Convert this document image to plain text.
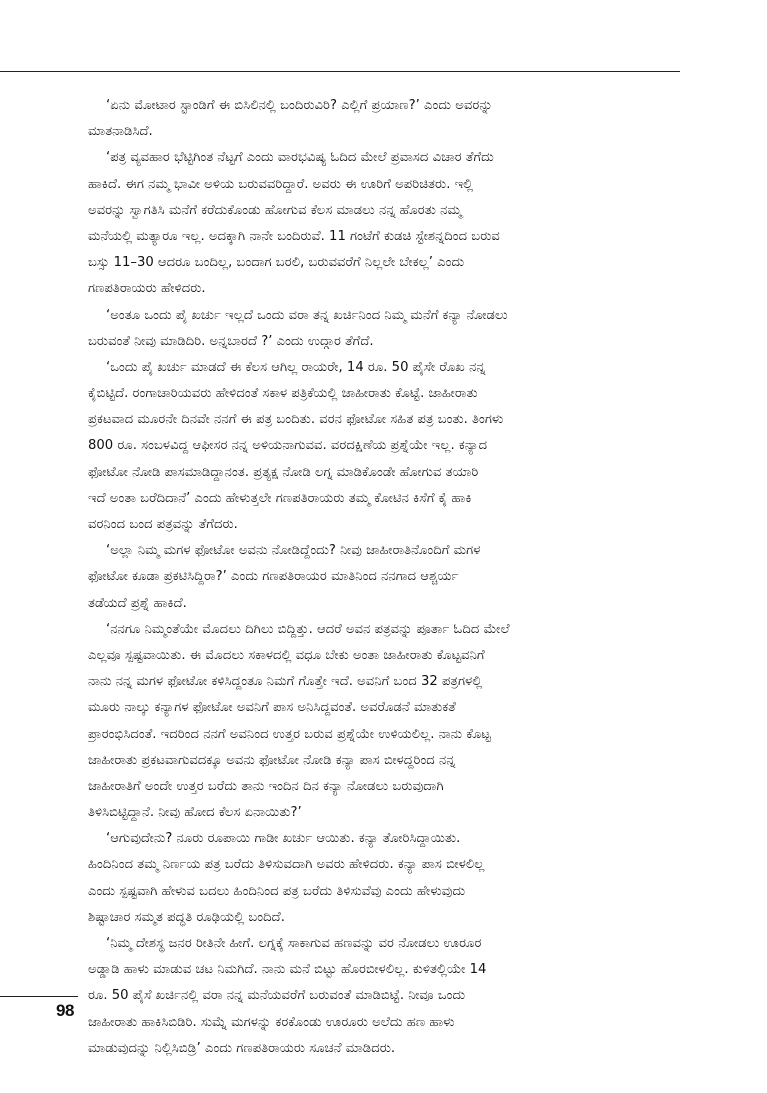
‘ಏನು ಮೋಟಾರ ಸ್ಟಾಂಡಿಗೆ ಈ ಬಿಸಿಲಿನಲ್ಲಿ ಬಂದಿರುವಿರಿ? ಎಲ್ಲಿಗೆ ಪ್ರಯಾಣ?’ ಎಂದು ಅವರನ್ನು
ಮಾತನಾಡಿಸಿದೆ.
‘ಪತ್ರ ವ್ಯವಹಾರ ಭೆಟ್ಟಿಗಿಂತ ನೆಟ್ಟಗೆ ಎಂದು ವಾರಭವಿಷ್ಯ ಓದಿದ ಮೇಲೆ ಪ್ರವಾಸದ ವಿಚಾರ ತೆಗೆದು
ಹಾಕಿದೆ. ಈಗ ನಮ್ಮ ಭಾವೀ ಅಳಿಯ ಬರುವವರಿದ್ದಾರೆ. ಅವರು ಈ ಊರಿಗೆ ಅಪರಿಚಿತರು. ಇಲ್ಲಿ
ಅವರನ್ನು ಸ್ವಾಗತಿಸಿ ಮನೆಗೆ ಕರೆದುಕೊಂಡು ಹೋಗುವ ಕೆಲಸ ಮಾಡಲು ನನ್ನ ಹೊರತು ನಮ್ಮ
ಮನೆಯಲ್ಲಿ ಮತ್ಯಾರೂ ಇಲ್ಲ. ಅದಕ್ಕಾಗಿ ನಾನೇ ಬಂದಿರುವೆ. 11 ಗಂಟೆಗೆ ಕುಡಚಿ ಸ್ಟೇಶನ್ನದಿಂದ ಬರುವ
ಬಸ್ಸು 11–30 ಆದರೂ ಬಂದಿಲ್ಲ, ಬಂದಾಗ ಬರಲಿ, ಬರುವವರೆಗೆ ನಿಲ್ಲಲೇ ಬೇಕಲ್ಲ’ ಎಂದು
ಗಣಪತಿರಾಯರು ಹೇಳಿದರು.
‘ಅಂತೂ ಒಂದು ಪೈ ಖರ್ಚು ಇಲ್ಲದೆ ಒಂದು ವರಾ ತನ್ನ ಖರ್ಚಿನಿಂದ ನಿಮ್ಮ ಮನೆಗೆ ಕನ್ಯಾ ನೋಡಲು
ಬರುವಂತೆ ನೀವು ಮಾಡಿದಿರಿ. ಅನ್ನಬಾರದೆ ?’ ಎಂದು ಉದ್ಗಾರ ತೆಗೆದೆ.
‘ಒಂದು ಪೈ ಖರ್ಚು ಮಾಡದೆ ಈ ಕೆಲಸ ಆಗಿಲ್ಲ ರಾಯರೇ, 14 ರೂ. 50 ಪೈಸೇ ರೊಖ ನನ್ನ
ಕೈಬಿಟ್ಟಿದೆ. ರಂಗಾಚಾರಿಯವರು ಹೇಳಿದಂತೆ ಸಕಾಳ ಪತ್ರಿಕೆಯಲ್ಲಿ ಜಾಹೀರಾತು ಕೊಟ್ಟೆ. ಜಾಹೀರಾತು
ಪ್ರಕಟವಾದ ಮೂರನೇ ದಿನವೇ ನನಗೆ ಈ ಪತ್ರ ಬಂದಿತು. ವರನ ಫೋಟೋ ಸಹಿತ ಪತ್ರ ಬಂತು. ತಿಂಗಳು
800 ರೂ. ಸಂಬಳವಿದ್ದ ಆಫೀಸರ ನನ್ನ ಅಳಿಯನಾಗುವವ. ವರದಕ್ಷಿಣೆಯ ಪ್ರಶ್ನೆಯೇ ಇಲ್ಲ. ಕನ್ಯಾದ
ಫೋಟೋ ನೋಡಿ ಪಾಸಮಾಡಿದ್ದಾನಂತ. ಪ್ರತ್ಯಕ್ಷ ನೋಡಿ ಲಗ್ನ ಮಾಡಿಕೊಂಡೇ ಹೋಗುವ ತಯಾರಿ
ಇದೆ ಅಂತಾ ಬರೆದಿದಾನೆ’ ಎಂದು ಹೇಳುತ್ತಲೇ ಗಣಪತಿರಾಯರು ತಮ್ಮ ಕೋಟಿನ ಕಿಸೆಗೆ ಕೈ ಹಾಕಿ
ವರನಿಂದ ಬಂದ ಪತ್ರವನ್ನು ತೆಗೆದರು.
‘ಅಲ್ಲಾ ನಿಮ್ಮ ಮಗಳ ಫೋಟೋ ಅವನು ನೋಡಿದ್ದೆಂದು? ನೀವು ಜಾಹೀರಾತಿನೊಂದಿಗೆ ಮಗಳ
ಫೋಟೋ ಕೂಡಾ ಪ್ರಕಟಿಸಿದ್ದಿರಾ?’ ಎಂದು ಗಣಪತಿರಾಯರ ಮಾತಿನಿಂದ ನನಗಾದ ಆಶ್ಚರ್ಯ
ತಡೆಯದೆ ಪ್ರಶ್ನೆ ಹಾಕಿದೆ.
‘ನನಗೂ ನಿಮ್ಮಂತೆಯೇ ಮೊದಲು ದಿಗಿಲು ಬಿದ್ದಿತ್ತು. ಆದರೆ ಅವನ ಪತ್ರವನ್ನು ಪೂರ್ತಾ ಓದಿದ ಮೇಲೆ
ಎಲ್ಲವೂ ಸ್ಪಷ್ಟವಾಯಿತು. ಈ ಮೊದಲು ಸಕಾಳದಲ್ಲಿ ವಧೂ ಬೇಕು ಅಂತಾ ಜಾಹೀರಾತು ಕೊಟ್ಟವನಿಗೆ
ನಾನು ನನ್ನ ಮಗಳ ಫೋಟೋ ಕಳಿಸಿದ್ದಂತೂ ನಿಮಗೆ ಗೊತ್ತೇ ಇದೆ. ಅವನಿಗೆ ಬಂದ 32 ಪತ್ರಗಳಲ್ಲಿ
ಮೂರು ನಾಲ್ಕು ಕನ್ಯಾಗಳ ಫೋಟೋ ಅವನಿಗೆ ಪಾಸ ಅನಿಸಿದ್ದವಂತೆ. ಅವರೊಡನೆ ಮಾತುಕತೆ
ಪ್ರಾರಂಭಿಸಿದಂತೆ. ಇದರಿಂದ ನನಗೆ ಅವನಿಂದ ಉತ್ತರ ಬರುವ ಪ್ರಶ್ನೆಯೇ ಉಳಿಯಲಿಲ್ಲ. ನಾನು ಕೊಟ್ಟ
ಜಾಹೀರಾತು ಪ್ರಕಟವಾಗುವದಕ್ಕೂ ಅವನು ಫೋಟೋ ನೋಡಿ ಕನ್ಯಾ ಪಾಸ ಬೀಳದ್ದರಿಂದ ನನ್ನ
ಜಾಹೀರಾತಿಗೆ ಅಂದೇ ಉತ್ತರ ಬರೆದು ತಾನು ಇಂದಿನ ದಿನ ಕನ್ಯಾ ನೋಡಲು ಬರುವುದಾಗಿ
ತಿಳಿಸಿಬಿಟ್ಟಿದ್ದಾನೆ. ನೀವು ಹೋದ ಕೆಲಸ ಏನಾಯಿತು?’
‘ಆಗುವುದೇನು? ನೂರು ರೂಪಾಯಿ ಗಾಡೀ ಖರ್ಚು ಆಯಿತು. ಕನ್ಯಾ ತೋರಿಸಿದ್ದಾಯಿತು.
ಹಿಂದಿನಿಂದ ತಮ್ಮ ನಿರ್ಣಯ ಪತ್ರ ಬರೆದು ತಿಳಿಸುವದಾಗಿ ಅವರು ಹೇಳಿದರು. ಕನ್ಯಾ ಪಾಸ ಬೀಳಲಿಲ್ಲ
ಎಂದು ಸ್ಪಷ್ಟವಾಗಿ ಹೇಳುವ ಬದಲು ಹಿಂದಿನಿಂದ ಪತ್ರ ಬರೆದು ತಿಳಿಸುವೆವು ಎಂದು ಹೇಳುವುದು
ಶಿಷ್ಟಾಚಾರ ಸಮ್ಮತ ಪದ್ಧತಿ ರೂಢಿಯಲ್ಲಿ ಬಂದಿದೆ.
‘ನಿಮ್ಮ ದೇಶಸ್ಥ ಜನರ ರೀತಿನೇ ಹೀಗೆ. ಲಗ್ನಕ್ಕೆ ಸಾಕಾಗುವ ಹಣವನ್ನು ವರ ನೋಡಲು ಊರೂರ
ಅಡ್ಡಾಡಿ ಹಾಳು ಮಾಡುವ ಚಟ ನಿಮಗಿದೆ. ನಾನು ಮನೆ ಬಿಟ್ಟು ಹೊರಬೀಳಲಿಲ್ಲ. ಕುಳಿತಲ್ಲಿಯೇ 14
ರೂ. 50 ಪೈಸೆ ಖರ್ಚಿನಲ್ಲಿ ವರಾ ನನ್ನ ಮನೆಯವರೆಗೆ ಬರುವಂತೆ ಮಾಡಿಬಿಟ್ಟೆ. ನೀವೂ ಒಂದು
ಜಾಹೀರಾತು ಹಾಕಿಸಿಬಿಡಿರಿ. ಸುಮ್ನೆ ಮಗಳನ್ನು ಕರಕೊಂಡು ಊರೂರು ಅಲೆದು ಹಣ ಹಾಳು
ಮಾಡುವುದನ್ನು ನಿಲ್ಲಿಸಿಬಿಡ್ರಿ’ ಎಂದು ಗಣಪತಿರಾಯರು ಸೂಚನೆ ಮಾಡಿದರು.
98
